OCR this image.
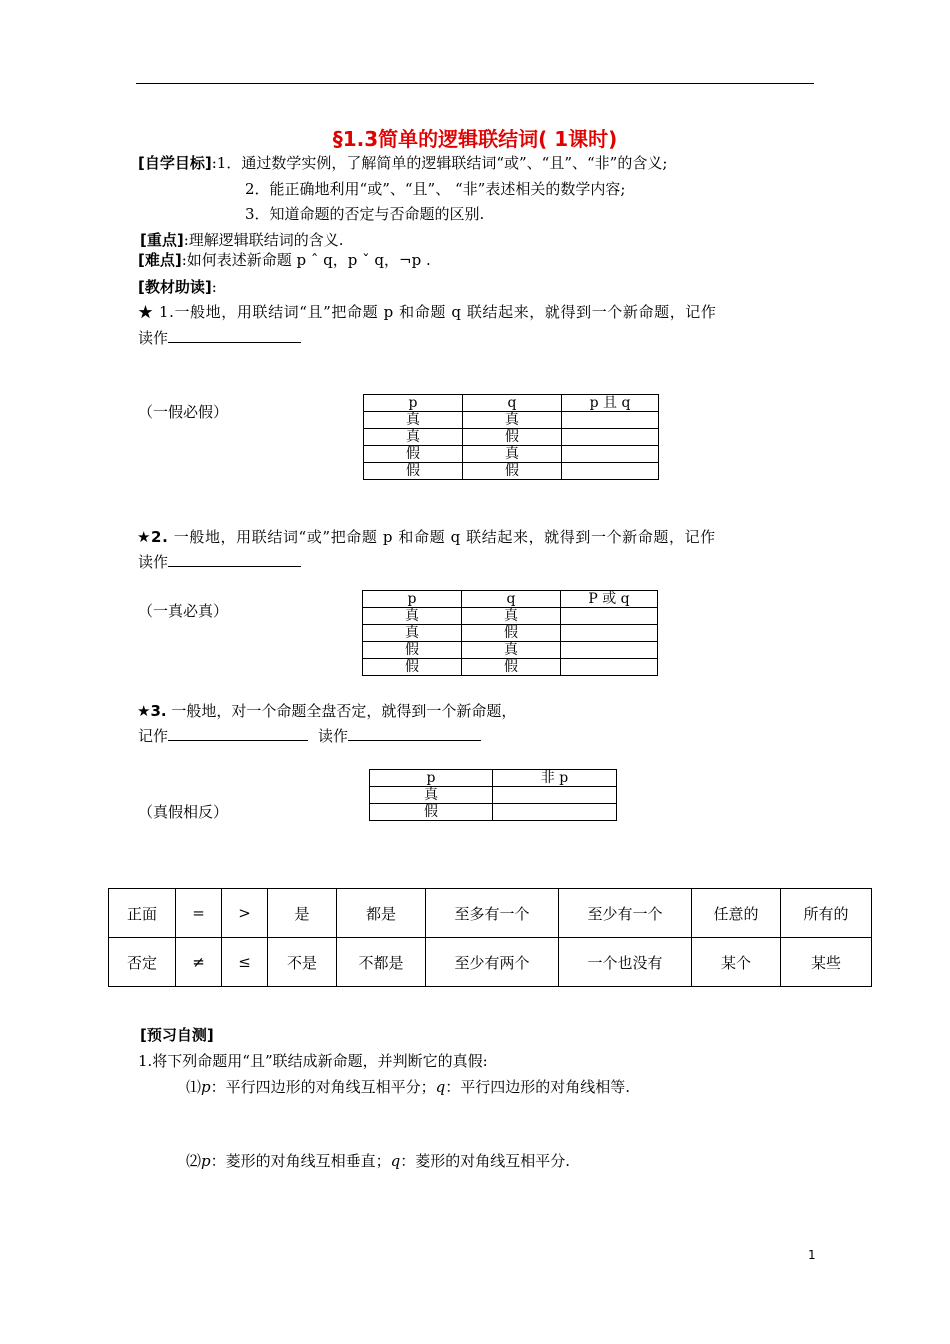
§1.3简单的逻辑联结词( 1课时)
[自学目标]:1．通过数学实例，了解简单的逻辑联结词“或”、“且”、“非”的含义;
2．能正确地利用“或”、“且”、 “非”表述相关的数学内容;
3．知道命题的否定与否命题的区别.
[重点]:理解逻辑联结词的含义.
[难点]:如何表述新命题 p ˆ q，p ˇ q，¬p .
[教材助读]:
★ 1.一般地，用联结词“且”把命题 p 和命题 q 联结起来，就得到一个新命题，记作
读作
（一假必假）	p	q	p 且 q
真	真	
真	假	
假	真	
假	假	
★2. 一般地，用联结词“或”把命题 p 和命题 q 联结起来，就得到一个新命题，记作
读作
（一真必真）
p	q	P 或 q
真	真	
真	假	
假	真	
假	假	
★3. 一般地，对一个命题全盘否定，就得到一个新命题，
记作	读作
（真假相反）
p	非 p
真	
假	
正面	=	>	是	都是	至多有一个	至少有一个	任意的	所有的
否定	≠	≤	不是	不都是	至少有两个	一个也没有	某个	某些
[预习自测]
1.将下列命题用“且”联结成新命题，并判断它的真假:
⑴p：平行四边形的对角线互相平分；q：平行四边形的对角线相等.
⑵p：菱形的对角线互相垂直；q：菱形的对角线互相平分.
1
